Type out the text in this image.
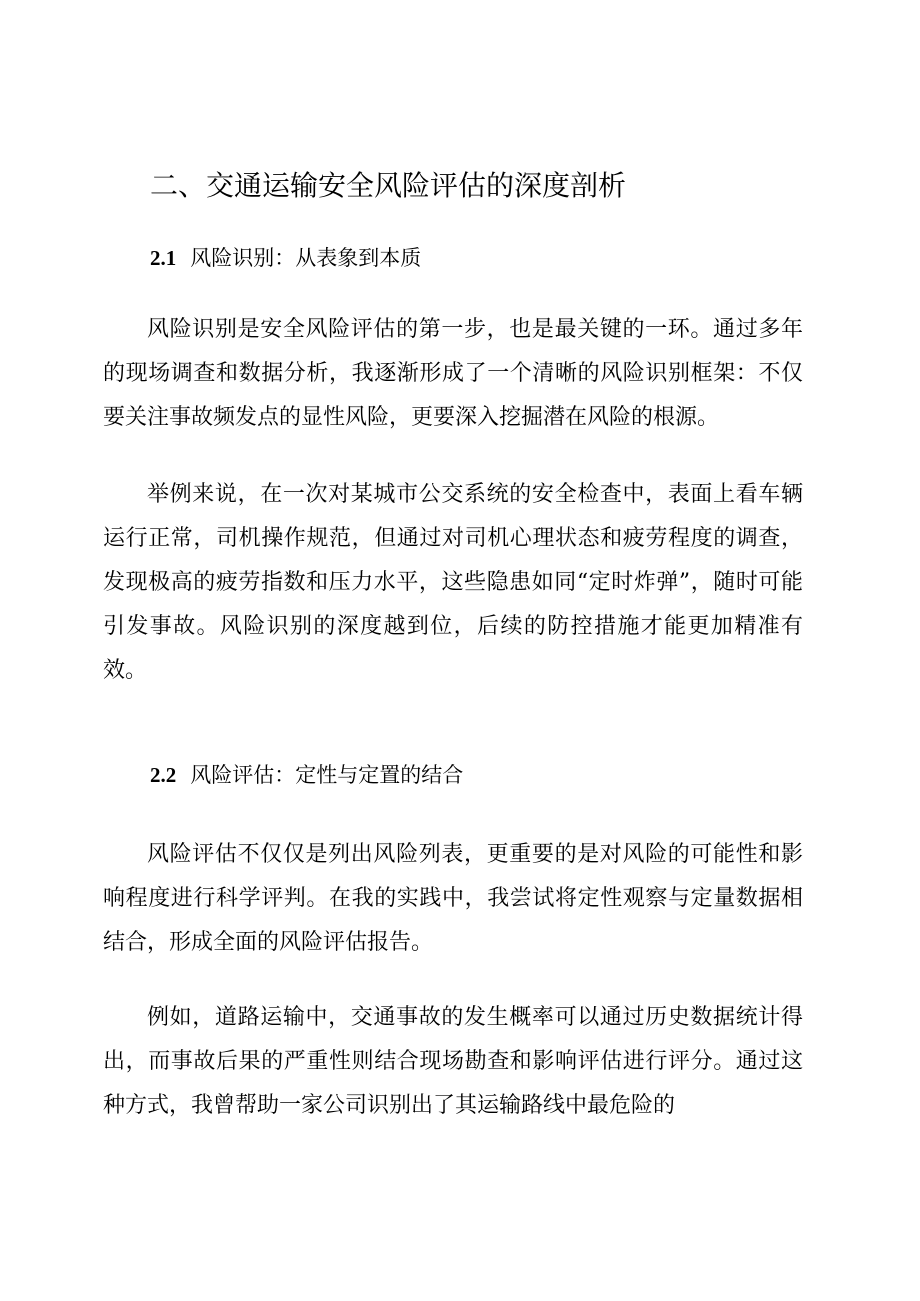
二、交通运输安全风险评估的深度剖析
2.1 风险识别：从表象到本质

风险识别是安全风险评估的第一步，也是最关键的一环。通过多年的现场调查和数据分析，我逐渐形成了一个清晰的风险识别框架：不仅要关注事故频发点的显性风险，更要深入挖掘潜在风险的根源。

举例来说，在一次对某城市公交系统的安全检查中，表面上看车辆运行正常，司机操作规范，但通过对司机心理状态和疲劳程度的调查，发现极高的疲劳指数和压力水平，这些隐患如同“定时炸弹”，随时可能引发事故。风险识别的深度越到位，后续的防控措施才能更加精准有效。

2.2 风险评估：定性与定置的结合

风险评估不仅仅是列出风险列表，更重要的是对风险的可能性和影响程度进行科学评判。在我的实践中，我尝试将定性观察与定量数据相结合，形成全面的风险评估报告。

例如，道路运输中，交通事故的发生概率可以通过历史数据统计得出，而事故后果的严重性则结合现场勘查和影响评估进行评分。通过这种方式，我曾帮助一家公司识别出了其运输路线中最危险的
